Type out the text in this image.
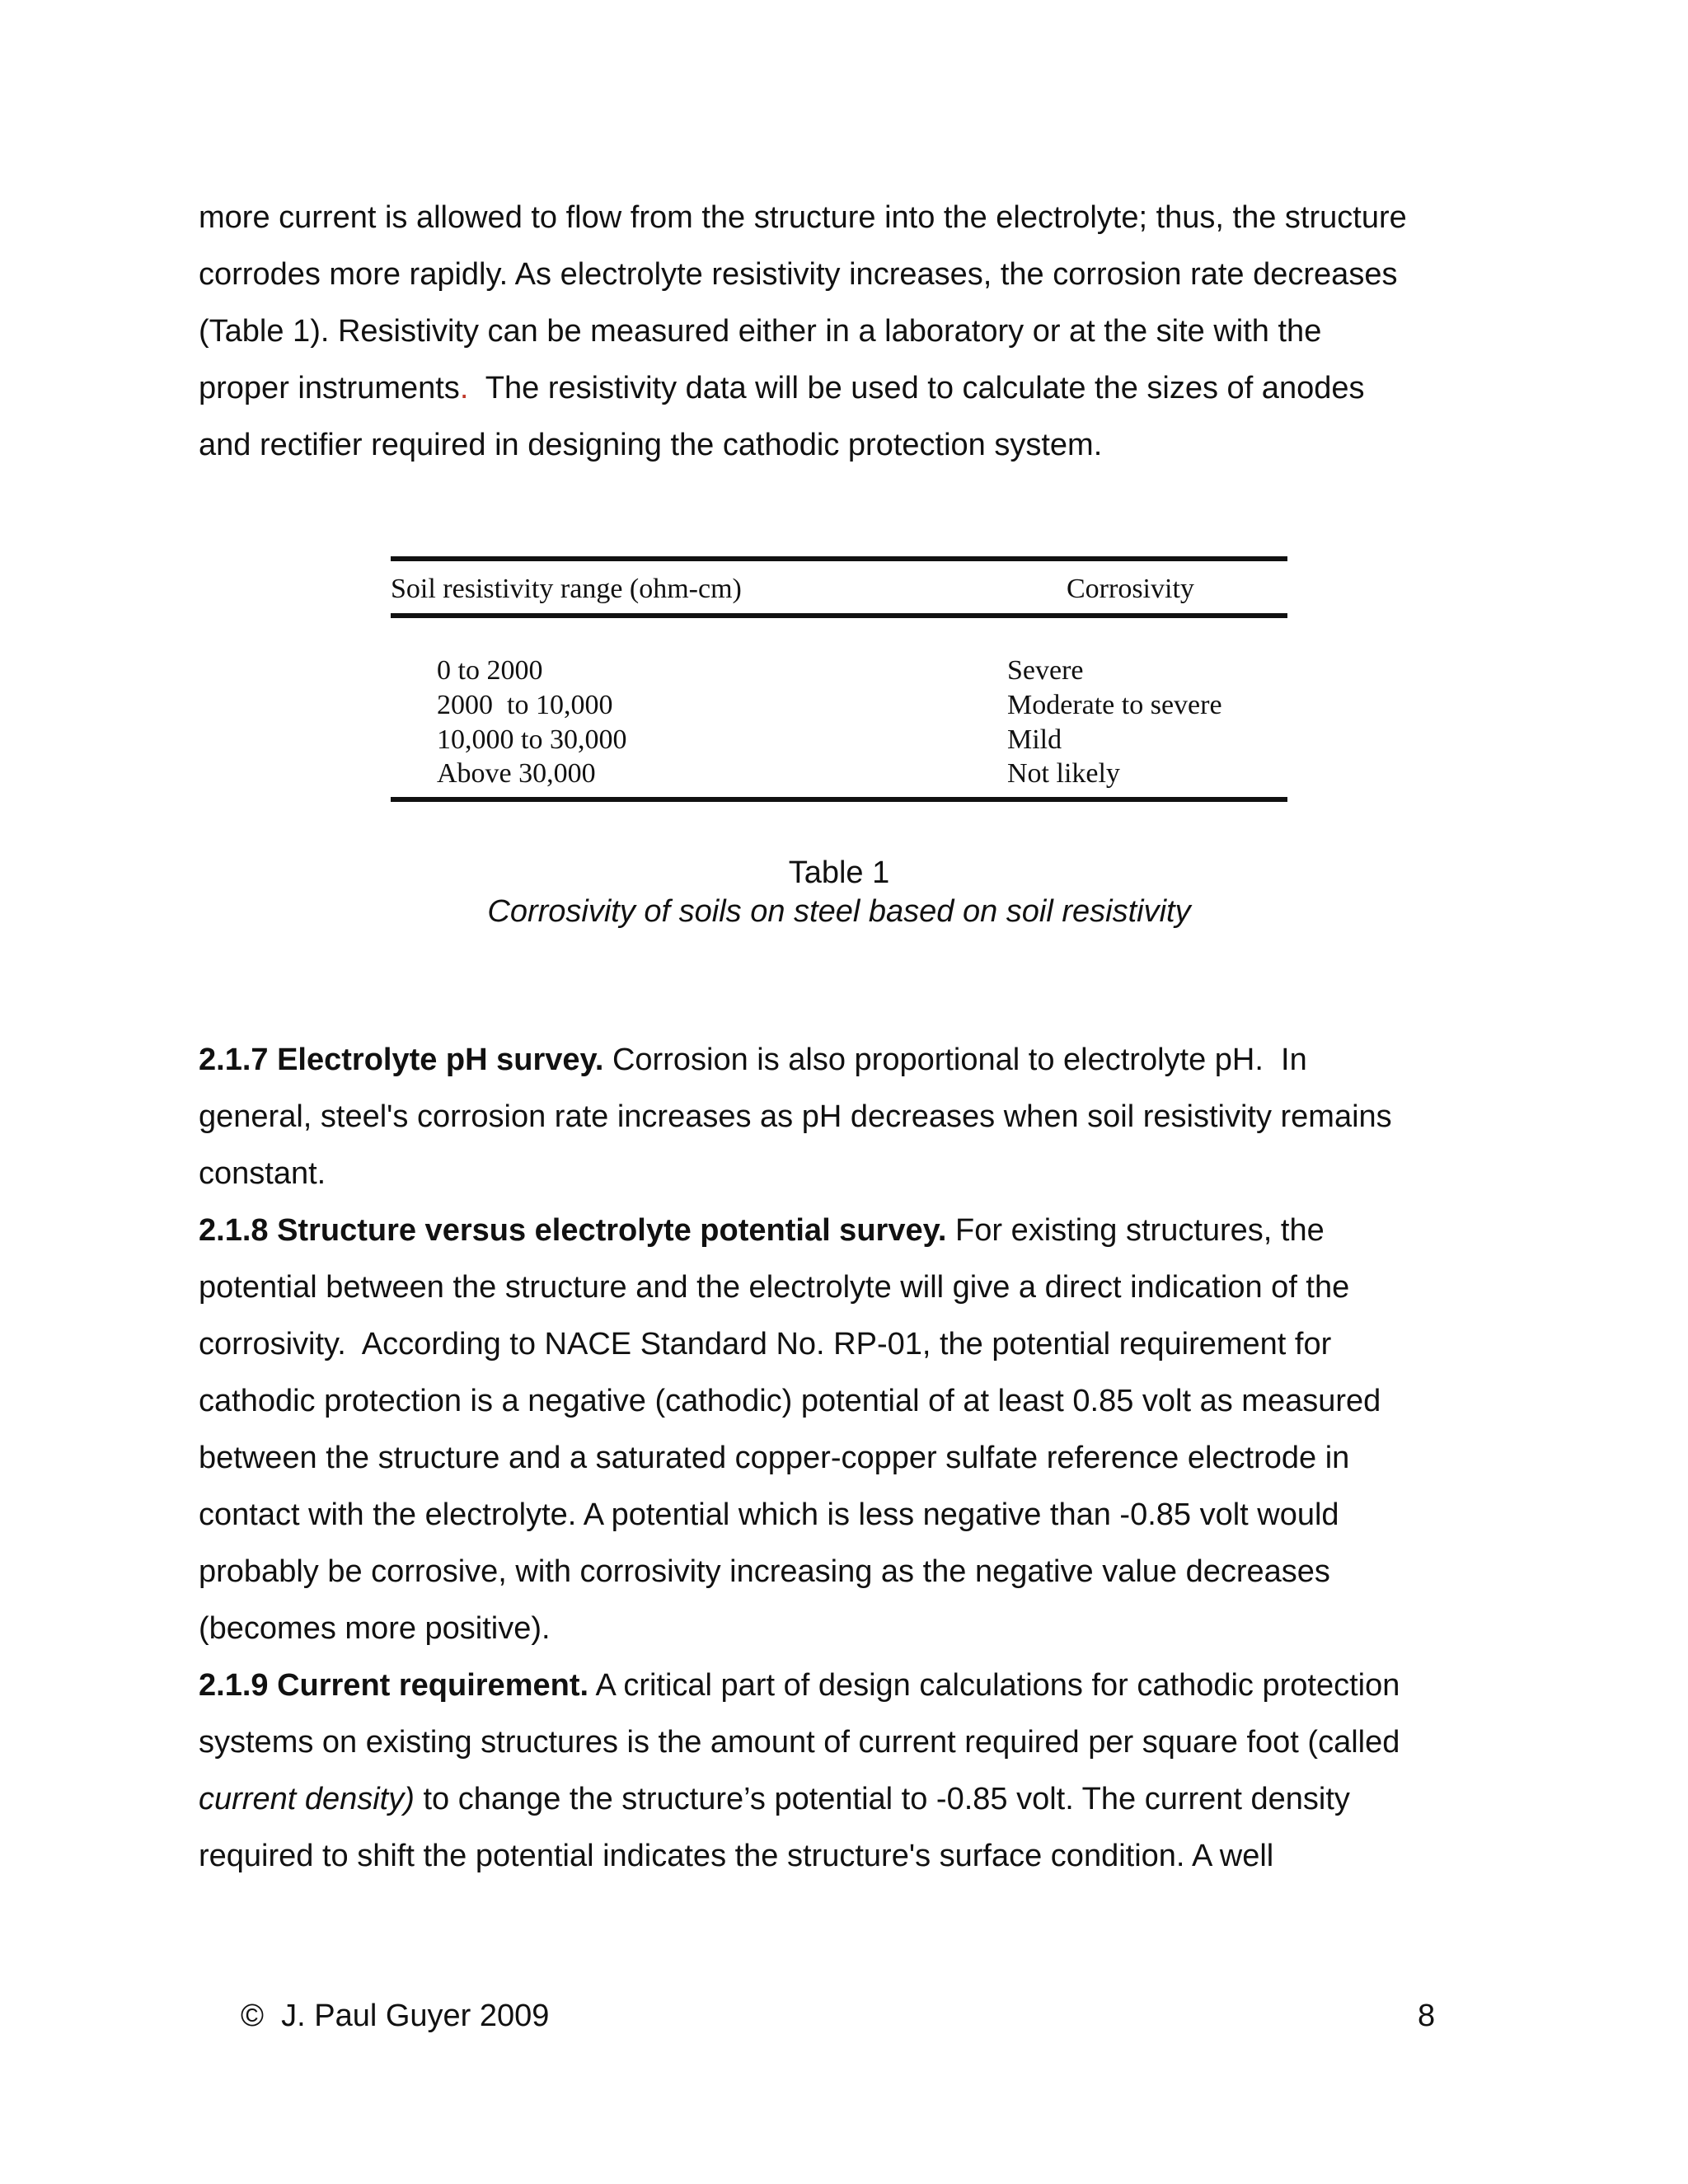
more current is allowed to flow from the structure into the electrolyte; thus, the structure
corrodes more rapidly. As electrolyte resistivity increases, the corrosion rate decreases
(Table 1). Resistivity can be measured either in a laboratory or at the site with the
proper instruments.  The resistivity data will be used to calculate the sizes of anodes
and rectifier required in designing the cathodic protection system.

Soil resistivity range (ohm-cm)	Corrosivity
0 to 2000	Severe
2000  to 10,000	Moderate to severe
10,000 to 30,000	Mild
Above 30,000	Not likely
Table 1
Corrosivity of soils on steel based on soil resistivity

2.1.7 Electrolyte pH survey. Corrosion is also proportional to electrolyte pH.  In
general, steel's corrosion rate increases as pH decreases when soil resistivity remains
constant.
2.1.8 Structure versus electrolyte potential survey. For existing structures, the
potential between the structure and the electrolyte will give a direct indication of the
corrosivity.  According to NACE Standard No. RP-01, the potential requirement for
cathodic protection is a negative (cathodic) potential of at least 0.85 volt as measured
between the structure and a saturated copper-copper sulfate reference electrode in
contact with the electrolyte. A potential which is less negative than -0.85 volt would
probably be corrosive, with corrosivity increasing as the negative value decreases
(becomes more positive).
2.1.9 Current requirement. A critical part of design calculations for cathodic protection
systems on existing structures is the amount of current required per square foot (called
current density) to change the structure’s potential to -0.85 volt. The current density
required to shift the potential indicates the structure's surface condition. A well

©  J. Paul Guyer 2009	8
